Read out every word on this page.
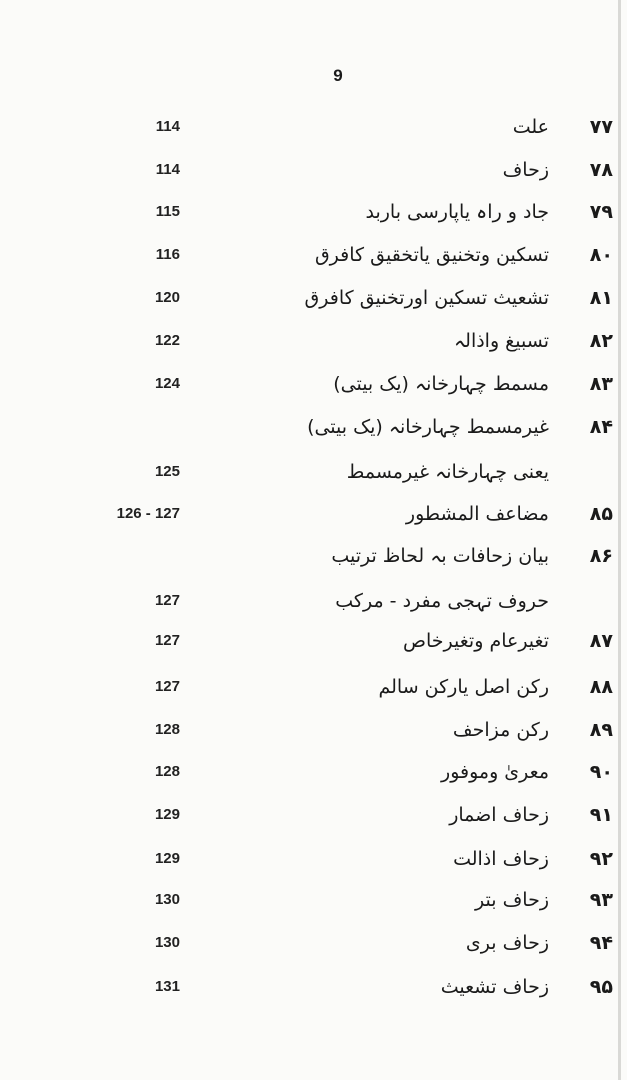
9
۷۷
علت
114
۷۸
زحاف
114
۷۹
جاد و راہ یاپارسی باربد
115
۸۰
تسکین وتخنیق یاتخقیق کافرق
116
۸۱
تشعیث تسکین اورتخنیق کافرق
120
۸۲
تسبیغ واذالہ
122
۸۳
مسمط چہارخانہ (یک بیتی)
124
۸۴
غیرمسمط چہارخانہ (یک بیتی)
یعنی چہارخانہ غیرمسمط
125
۸۵
مضاعف المشطور
126 - 127
۸۶
بیان زحافات بہ لحاظ ترتیب
حروف تہجی مفرد - مرکب
127
۸۷
تغیرعام وتغیرخاص
127
۸۸
رکن اصل یارکن سالم
127
۸۹
رکن مزاحف
128
۹۰
معریٰ وموفور
128
۹۱
زحاف اضمار
129
۹۲
زحاف اذالت
129
۹۳
زحاف بتر
130
۹۴
زحاف بری
130
۹۵
زحاف تشعیث
131
